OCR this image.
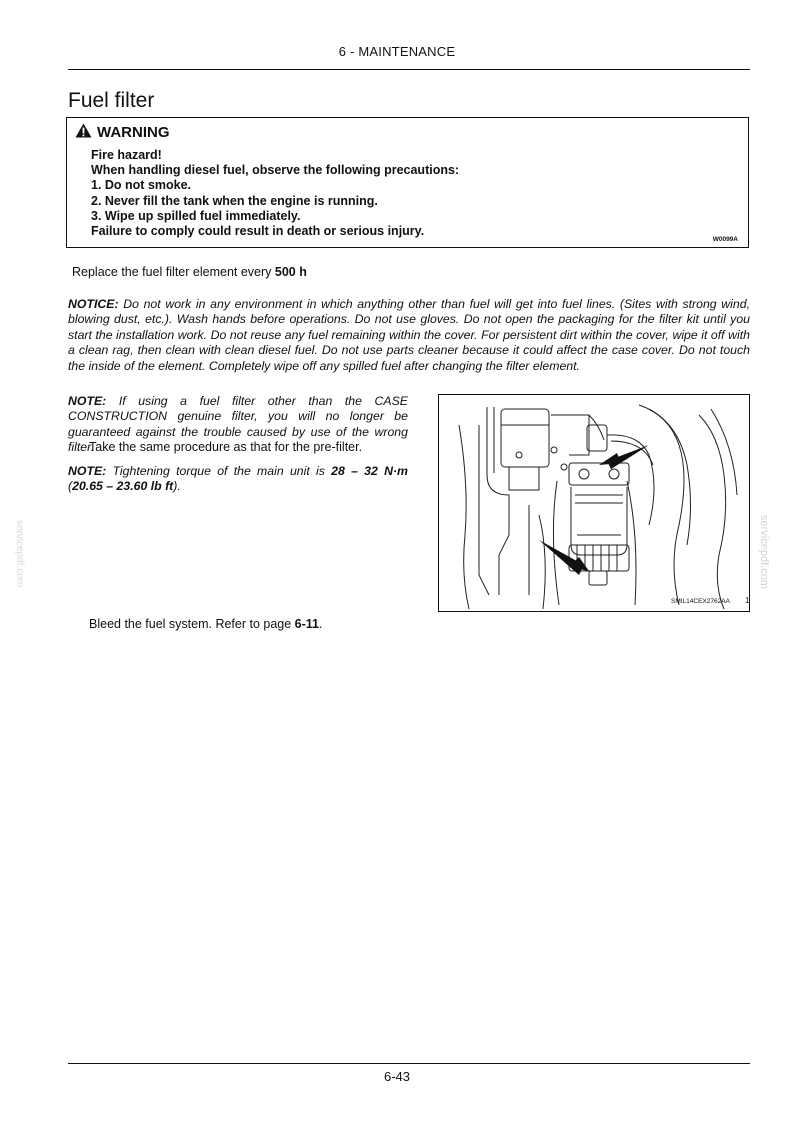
6 - MAINTENANCE
Fuel filter
WARNING
Fire hazard!
When handling diesel fuel, observe the following precautions:
1. Do not smoke.
2. Never fill the tank when the engine is running.
3. Wipe up spilled fuel immediately.
Failure to comply could result in death or serious injury.
W0099A
Replace the fuel filter element every 500 h
NOTICE: Do not work in any environment in which anything other than fuel will get into fuel lines. (Sites with strong wind, blowing dust, etc.). Wash hands before operations. Do not use gloves. Do not open the packaging for the filter kit until you start the installation work. Do not reuse any fuel remaining within the cover. For persistent dirt within the cover, wipe it off with a clean rag, then clean with clean diesel fuel. Do not use parts cleaner because it could affect the case cover. Do not touch the inside of the element. Completely wipe off any spilled fuel after changing the filter element.
NOTE: If using a fuel filter other than the CASE CONSTRUCTION genuine filter, you will no longer be guaranteed against the trouble caused by use of the wrong filter.
Take the same procedure as that for the pre-filter.
NOTE: Tightening torque of the main unit is 28 – 32 N·m (20.65 – 23.60 lb ft).
SMIL14CEX2762AA 1
Bleed the fuel system. Refer to page 6-11.
servicepdf.com	servicepdf.com
6-43
